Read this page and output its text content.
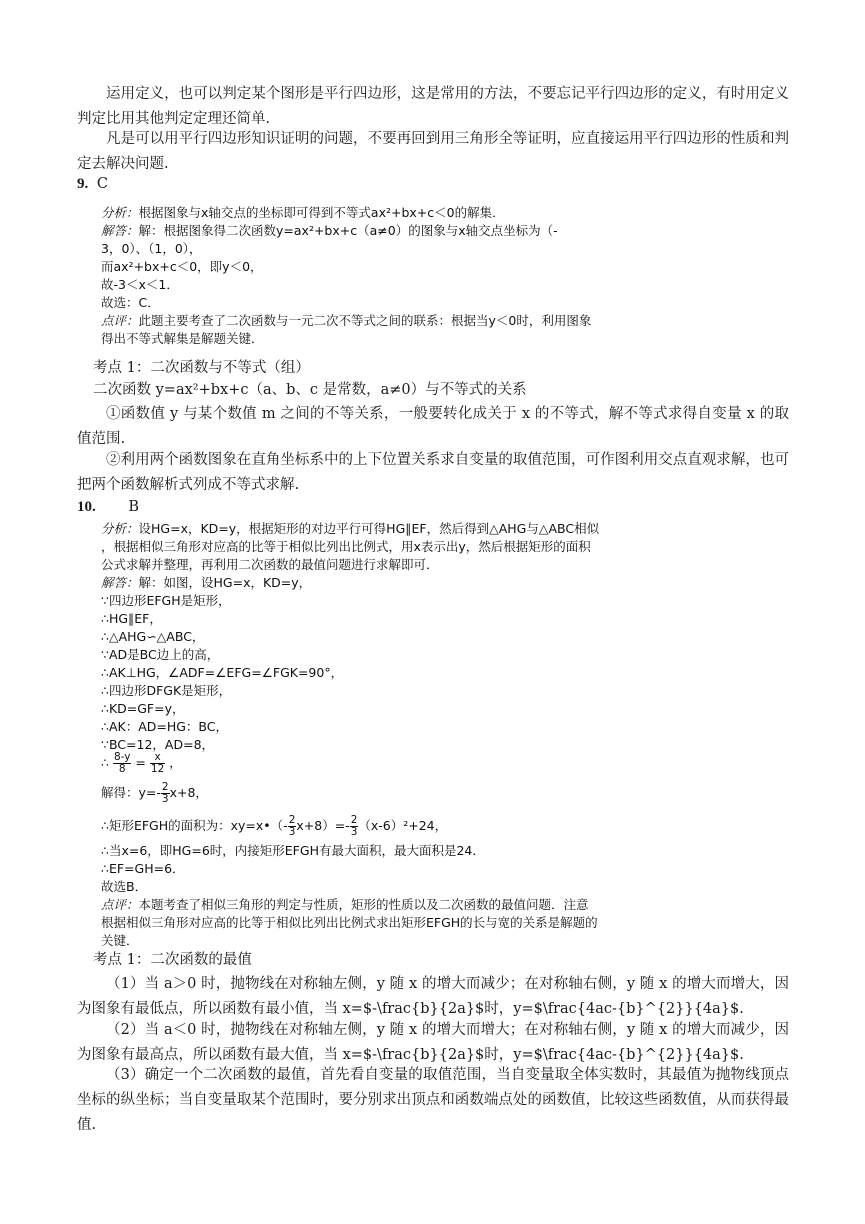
运用定义，也可以判定某个图形是平行四边形，这是常用的方法，不要忘记平行四边形的定义，有时用定义判定比用其他判定定理还简单.
凡是可以用平行四边形知识证明的问题，不要再回到用三角形全等证明，应直接运用平行四边形的性质和判定去解决问题.
9. C
分析：根据图象与x轴交点的坐标即可得到不等式ax²+bx+c＜0的解集．
解答：解：根据图象得二次函数y=ax²+bx+c（a≠0）的图象与x轴交点坐标为（-
3，0）、（1，0），
而ax²+bx+c＜0，即y＜0，
故-3＜x＜1．
故选：C．
点评：此题主要考查了二次函数与一元二次不等式之间的联系：根据当y＜0时，利用图象
得出不等式解集是解题关键．
考点 1：二次函数与不等式（组）
二次函数 y=ax²+bx+c（a、b、c 是常数，a≠0）与不等式的关系
①函数值 y 与某个数值 m 之间的不等关系，一般要转化成关于 x 的不等式，解不等式求得自变量 x 的取值范围.
②利用两个函数图象在直角坐标系中的上下位置关系求自变量的取值范围，可作图利用交点直观求解，也可把两个函数解析式列成不等式求解.
10. B
分析：设HG=x，KD=y，根据矩形的对边平行可得HG∥EF，然后得到△AHG与△ABC相似
，根据相似三角形对应高的比等于相似比列出比例式，用x表示出y，然后根据矩形的面积
公式求解并整理，再利用二次函数的最值问题进行求解即可．
解答：解：如图，设HG=x，KD=y，
∵四边形EFGH是矩形，
∴HG∥EF，
∴△AHG∽△ABC，
∵AD是BC边上的高，
∴AK⊥HG，∠ADF=∠EFG=∠FGK=90°，
∴四边形DFGK是矩形，
∴KD=GF=y，
∴AK：AD=HG：BC，
∵BC=12，AD=8，
∴ $\frac{8-y}{8} = \frac{x}{12}$ ，
解得：$y=- \frac{2}{3} x+8$，
∴矩形EFGH的面积为：xy=x•（- $\frac{2}{3} x+8)=- \frac{2}{3} (x-6)^2+24$，
∴当x=6，即HG=6时，内接矩形EFGH有最大面积，最大面积是24．
∴EF=GH=6．
故选B．
点评：本题考查了相似三角形的判定与性质，矩形的性质以及二次函数的最值问题．注意
根据相似三角形对应高的比等于相似比列出比例式求出矩形EFGH的长与宽的关系是解题的
关键．
考点 1：二次函数的最值
（1）当 a＞0 时，抛物线在对称轴左侧，y 随 x 的增大而减少；在对称轴右侧，y 随 x 的增大而增大，因为图象有最低点，所以函数有最小值，当 x=$-\frac{b}{2a}$时，y=$\frac{4ac-{b}^{2}}{4a}$.
（2）当 a＜0 时，抛物线在对称轴左侧，y 随 x 的增大而增大；在对称轴右侧，y 随 x 的增大而减少，因为图象有最高点，所以函数有最大值，当 x=$-\frac{b}{2a}$时，y=$\frac{4ac-{b}^{2}}{4a}$.
（3）确定一个二次函数的最值，首先看自变量的取值范围，当自变量取全体实数时，其最值为抛物线顶点坐标的纵坐标；当自变量取某个范围时，要分别求出顶点和函数端点处的函数值，比较这些函数值，从而获得最值.
